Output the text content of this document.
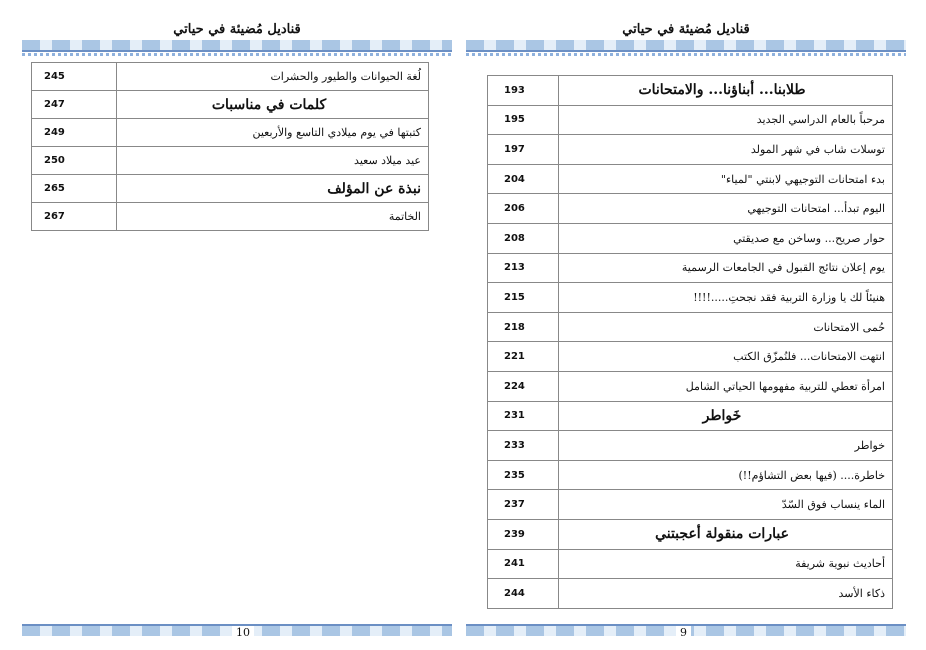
قناديل مُضيئة في حياتي
245	لُغة الحيوانات والطيور والحشرات
247	كلمات في مناسبات
249	كتبتها في يوم ميلادي التاسع والأربعين
250	عيد ميلاد سعيد
265	نبذة عن المؤلف
267	الخاتمة
10
قناديل مُضيئة في حياتي
193	طلابنا... أبناؤنا... والامتحانات
195	مرحباً بالعام الدراسي الجديد
197	توسلات شاب في شهر المولد
204	بدء امتحانات التوجيهي لابنتي "لمياء"
206	اليوم تبدأ... امتحانات التوجيهي
208	حوار صريح... وساخن مع صديقتي
213	يوم إعلان نتائج القبول في الجامعات الرسمية
215	هنيئاً لك يا وزارة التربية فقد نجحتِ.....!!!!
218	حُمى الامتحانات
221	انتهت الامتحانات... فلنُمزّق الكتب
224	امرأة تعطي للتربية مفهومها الحياتي الشامل
231	خَواطر
233	خواطر
235	خاطرة.... (فيها بعض التشاؤم!!)
237	الماء ينساب فوق السّدّ
239	عبارات منقولة أعجبتني
241	أحاديث نبوية شريفة
244	ذكاء الأسد
9
